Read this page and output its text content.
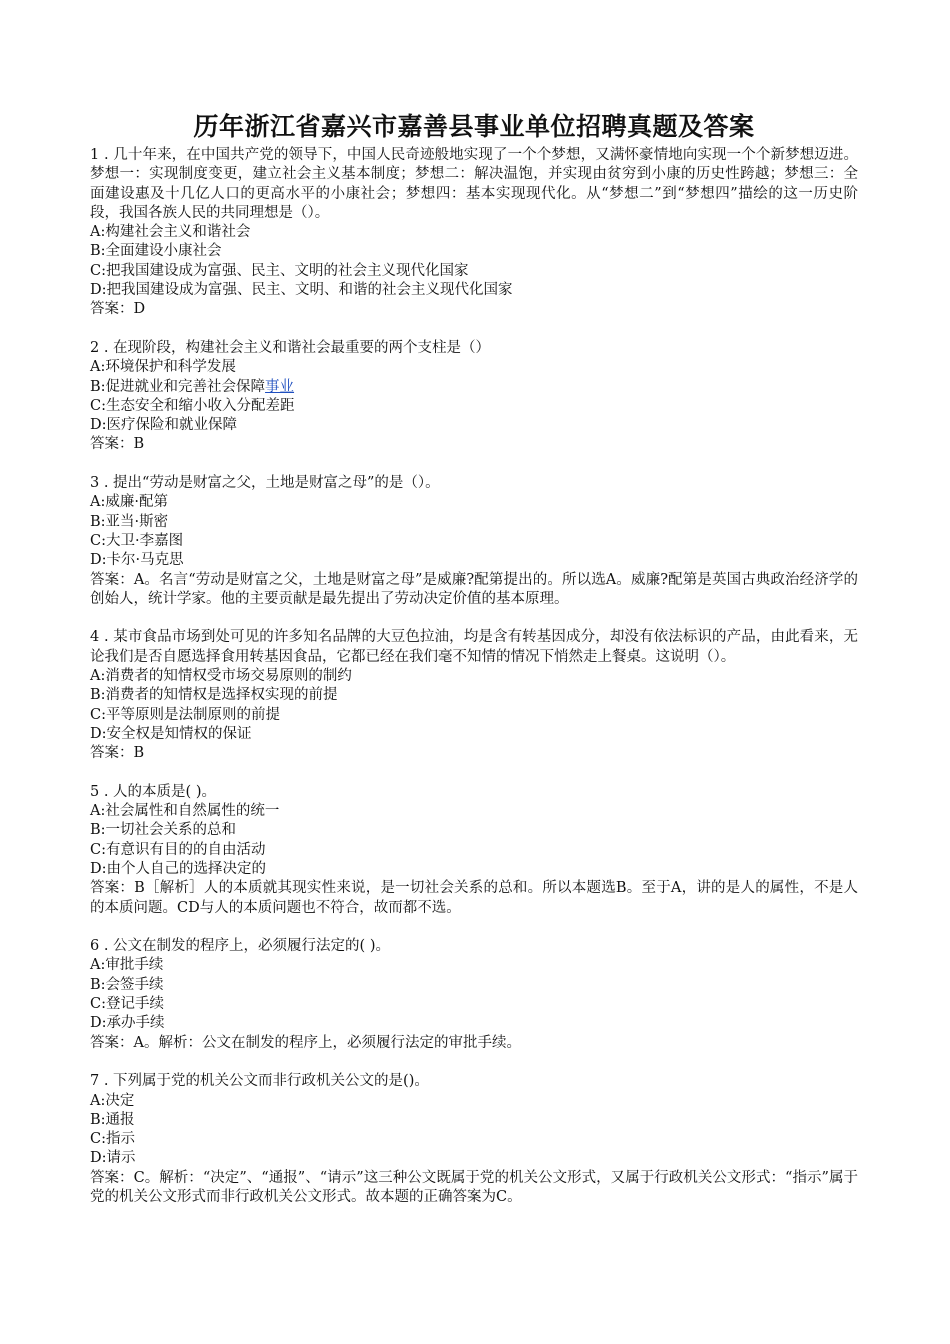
历年浙江省嘉兴市嘉善县事业单位招聘真题及答案

1 . 几十年来，在中国共产党的领导下，中国人民奇迹般地实现了一个个梦想，又满怀豪情地向实现一个个新梦想迈进。梦想一：实现制度变更，建立社会主义基本制度；梦想二：解决温饱，并实现由贫穷到小康的历史性跨越；梦想三：全面建设惠及十几亿人口的更高水平的小康社会；梦想四：基本实现现代化。从“梦想二”到“梦想四”描绘的这一历史阶段，我国各族人民的共同理想是（）。

A:构建社会主义和谐社会

B:全面建设小康社会

C:把我国建设成为富强、民主、文明的社会主义现代化国家

D:把我国建设成为富强、民主、文明、和谐的社会主义现代化国家

答案：D

2 . 在现阶段，构建社会主义和谐社会最重要的两个支柱是（）

A:环境保护和科学发展

B:促进就业和完善社会保障事业

C:生态安全和缩小收入分配差距

D:医疗保险和就业保障

答案：B

3 . 提出“劳动是财富之父，土地是财富之母”的是（）。

A:威廉·配第

B:亚当·斯密

C:大卫·李嘉图

D:卡尔·马克思

答案：A。名言“劳动是财富之父，土地是财富之母”是威廉?配第提出的。所以选A。威廉?配第是英国古典政治经济学的创始人，统计学家。他的主要贡献是最先提出了劳动决定价值的基本原理。

4 . 某市食品市场到处可见的许多知名品牌的大豆色拉油，均是含有转基因成分，却没有依法标识的产品，由此看来，无论我们是否自愿选择食用转基因食品，它都已经在我们毫不知情的情况下悄然走上餐桌。这说明（）。

A:消费者的知情权受市场交易原则的制约

B:消费者的知情权是选择权实现的前提

C:平等原则是法制原则的前提

D:安全权是知情权的保证

答案：B

5 . 人的本质是( )。

A:社会属性和自然属性的统一

B:一切社会关系的总和

C:有意识有目的的自由活动

D:由个人自己的选择决定的

答案：B［解析］人的本质就其现实性来说，是一切社会关系的总和。所以本题选B。至于A，讲的是人的属性，不是人的本质问题。CD与人的本质问题也不符合，故而都不选。

6 . 公文在制发的程序上，必须履行法定的( )。

A:审批手续

B:会签手续

C:登记手续

D:承办手续

答案：A。解析：公文在制发的程序上，必须履行法定的审批手续。

7 . 下列属于党的机关公文而非行政机关公文的是()。

A:决定

B:通报

C:指示

D:请示

答案：C。解析：“决定”、“通报”、“请示”这三种公文既属于党的机关公文形式，又属于行政机关公文形式：“指示”属于党的机关公文形式而非行政机关公文形式。故本题的正确答案为C。
